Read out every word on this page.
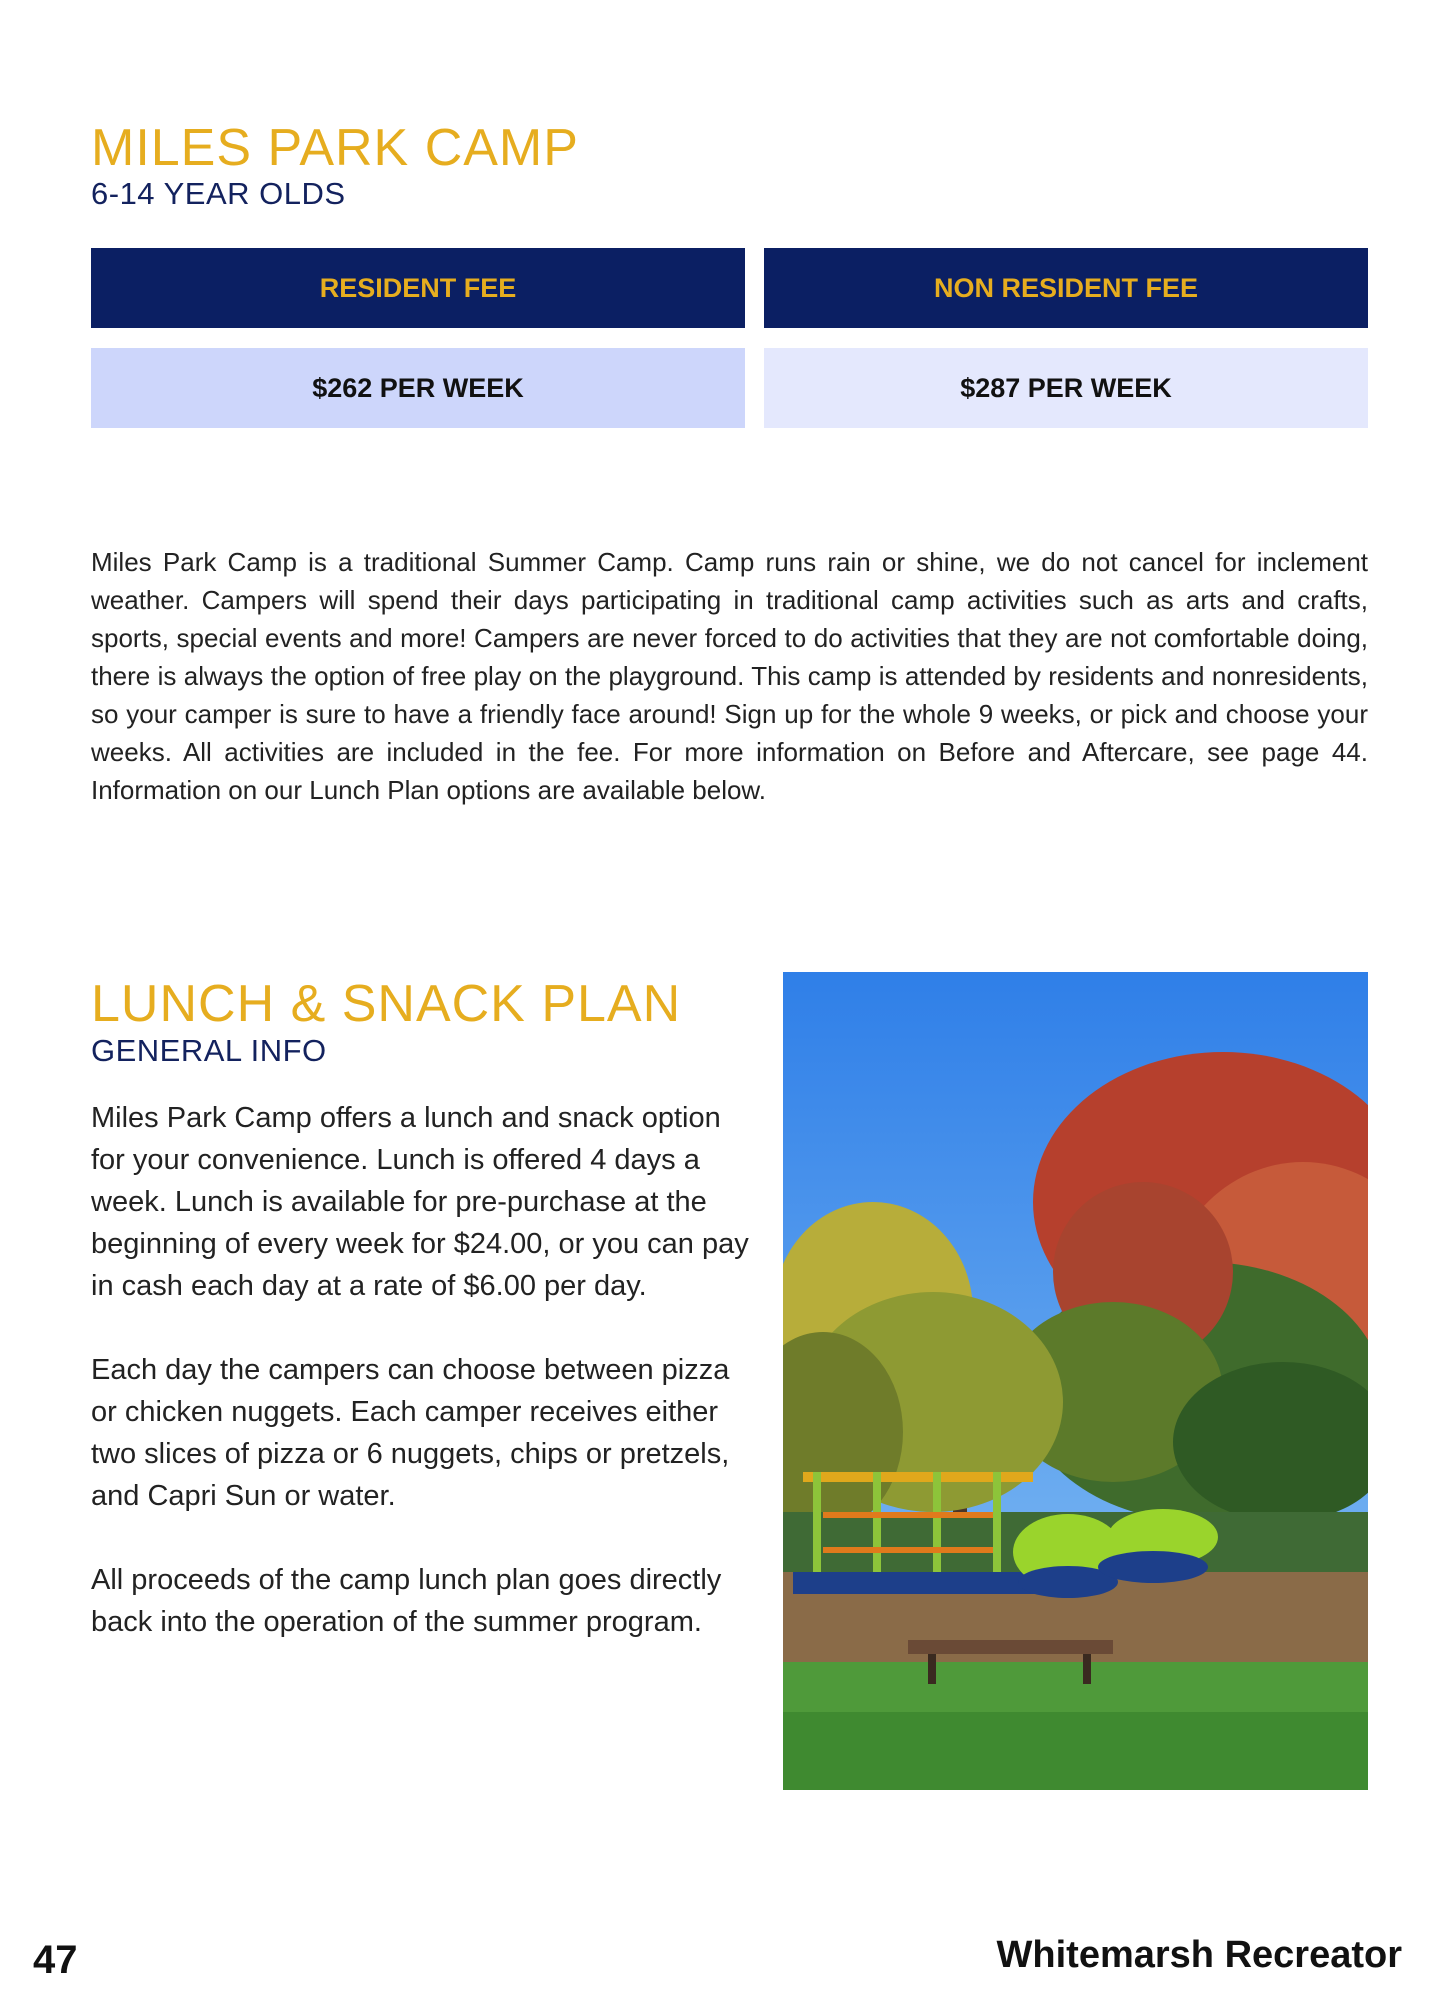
MILES PARK CAMP
6-14 YEAR OLDS
RESIDENT FEE	NON RESIDENT FEE
$262 PER WEEK	$287 PER WEEK

Miles Park Camp is a traditional Summer Camp. Camp runs rain or shine, we do not cancel for inclement weather. Campers will spend their days participating in traditional camp activities such as arts and crafts, sports, special events and more! Campers are never forced to do activities that they are not comfortable doing, there is always the option of free play on the playground. This camp is attended by residents and nonresidents, so your camper is sure to have a friendly face around! Sign up for the whole 9 weeks, or pick and choose your weeks. All activities are included in the fee. For more information on Before and Aftercare, see page 44. Information on our Lunch Plan options are available below.

LUNCH & SNACK PLAN
GENERAL INFO

Miles Park Camp offers a lunch and snack option for your convenience. Lunch is offered 4 days a week. Lunch is available for pre-purchase at the beginning of every week for $24.00, or you can pay in cash each day at a rate of $6.00 per day.

Each day the campers can choose between pizza or chicken nuggets. Each camper receives either two slices of pizza or 6 nuggets, chips or pretzels, and Capri Sun or water.

All proceeds of the camp lunch plan goes directly back into the operation of the summer program.

47	Whitemarsh Recreator
